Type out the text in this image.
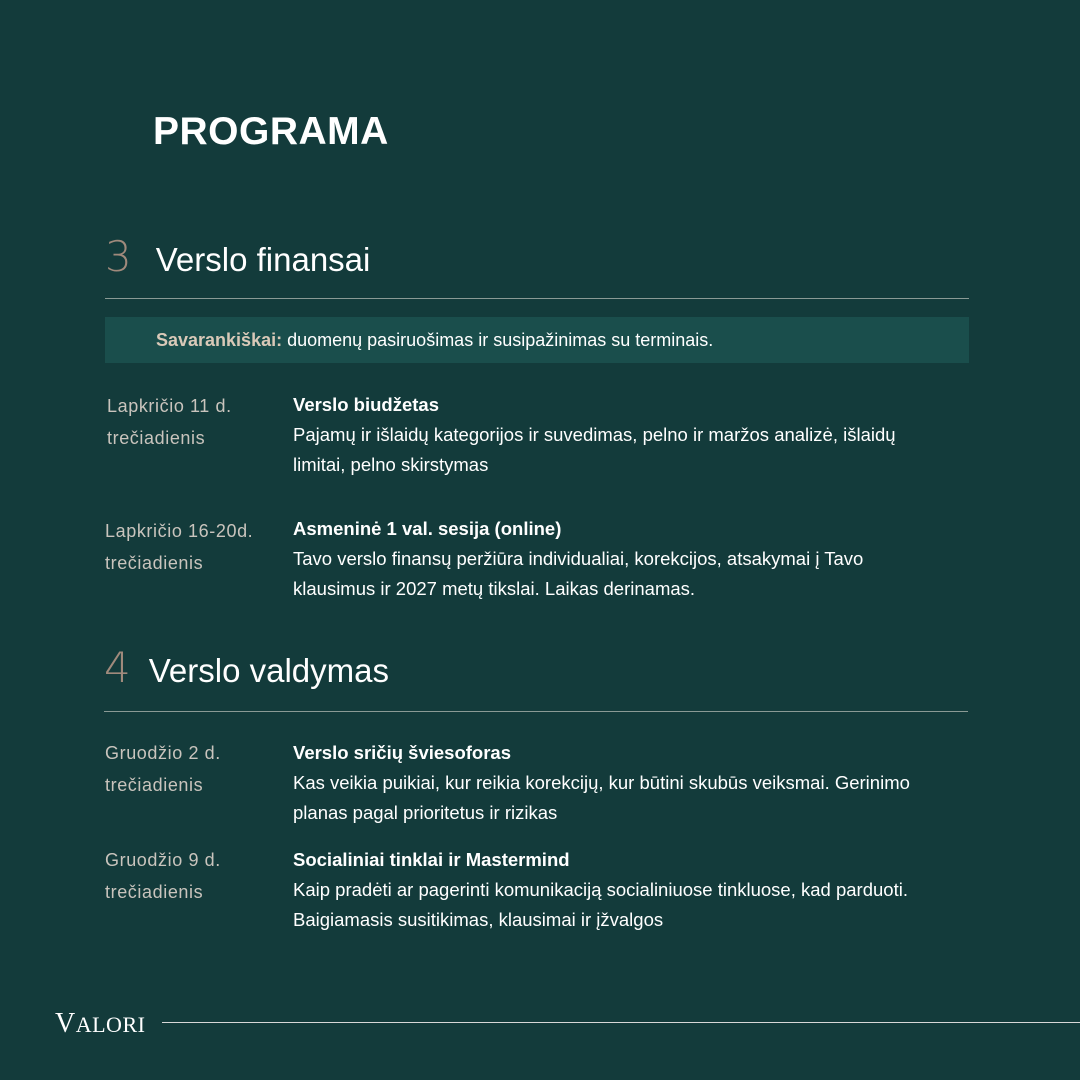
PROGRAMA
3 Verslo finansai
Savarankiškai: duomenų pasiruošimas ir susipažinimas su terminais.
Lapkričio 11 d.
trečiadienis
Verslo biudžetas
Pajamų ir išlaidų kategorijos ir suvedimas, pelno ir maržos analizė, išlaidų
limitai, pelno skirstymas
Lapkričio 16-20d.
trečiadienis
Asmeninė 1 val. sesija (online)
Tavo verslo finansų peržiūra individualiai, korekcijos, atsakymai į Tavo
klausimus ir 2027 metų tikslai. Laikas derinamas.
4 Verslo valdymas
Gruodžio 2 d.
trečiadienis
Verslo sričių šviesoforas
Kas veikia puikiai, kur reikia korekcijų, kur būtini skubūs veiksmai. Gerinimo
planas pagal prioritetus ir rizikas
Gruodžio 9 d.
trečiadienis
Socialiniai tinklai ir Mastermind
Kaip pradėti ar pagerinti komunikaciją socialiniuose tinkluose, kad parduoti.
Baigiamasis susitikimas, klausimai ir įžvalgos
VALORI
